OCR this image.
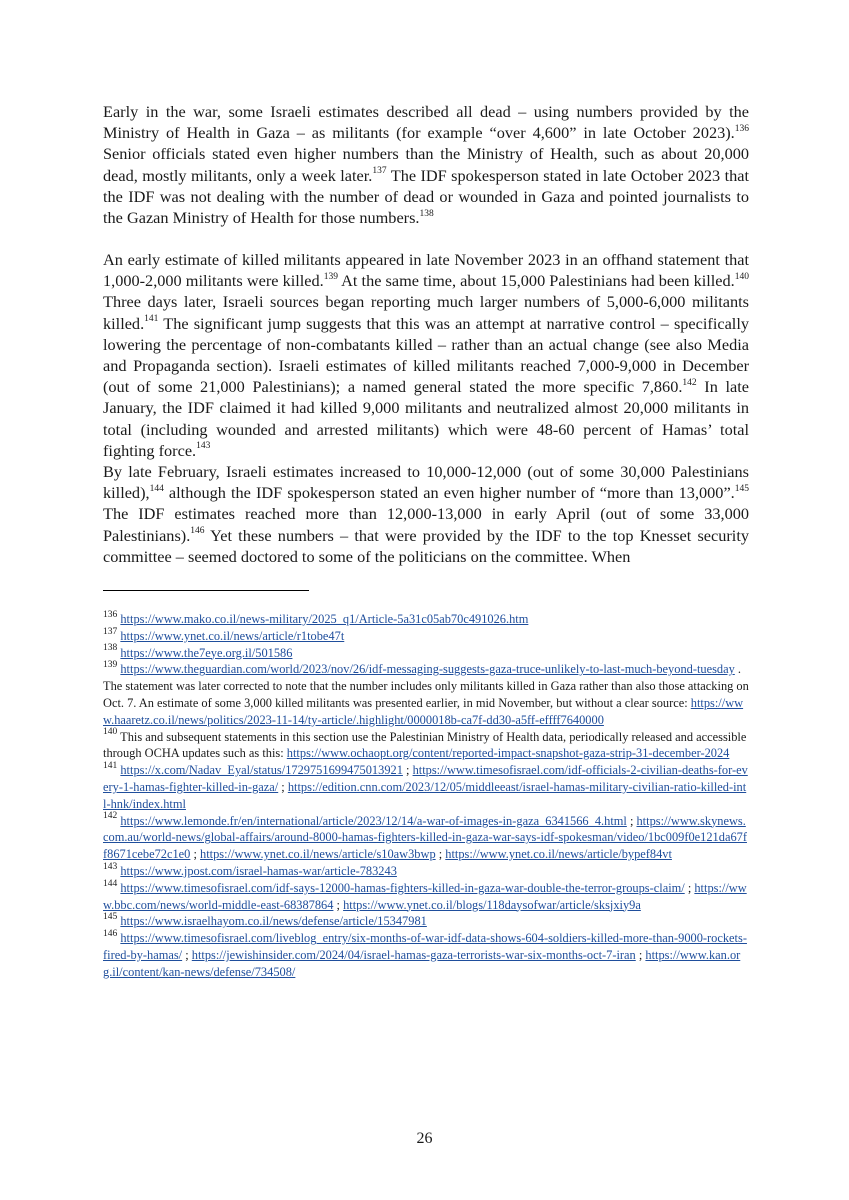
Early in the war, some Israeli estimates described all dead – using numbers provided by the Ministry of Health in Gaza – as militants (for example “over 4,600” in late October 2023).$^{136}$ Senior officials stated even higher numbers than the Ministry of Health, such as about 20,000 dead, mostly militants, only a week later.$^{137}$ The IDF spokesperson stated in late October 2023 that the IDF was not dealing with the number of dead or wounded in Gaza and pointed journalists to the Gazan Ministry of Health for those numbers.$^{138}$
An early estimate of killed militants appeared in late November 2023 in an offhand statement that 1,000-2,000 militants were killed.$^{139}$ At the same time, about 15,000 Palestinians had been killed.$^{140}$ Three days later, Israeli sources began reporting much larger numbers of 5,000-6,000 militants killed.$^{141}$ The significant jump suggests that this was an attempt at narrative control – specifically lowering the percentage of non-combatants killed – rather than an actual change (see also Media and Propaganda section). Israeli estimates of killed militants reached 7,000-9,000 in December (out of some 21,000 Palestinians); a named general stated the more specific 7,860.$^{142}$ In late January, the IDF claimed it had killed 9,000 militants and neutralized almost 20,000 militants in total (including wounded and arrested militants) which were 48-60 percent of Hamas’ total fighting force.$^{143}$
By late February, Israeli estimates increased to 10,000-12,000 (out of some 30,000 Palestinians killed),$^{144}$ although the IDF spokesperson stated an even higher number of “more than 13,000”.$^{145}$ The IDF estimates reached more than 12,000-13,000 in early April (out of some 33,000 Palestinians).$^{146}$ Yet these numbers – that were provided by the IDF to the top Knesset security committee – seemed doctored to some of the politicians on the committee. When

$^{136}$ https://www.mako.co.il/news-military/2025_q1/Article-5a31c05ab70c491026.htm

$^{137}$ https://www.ynet.co.il/news/article/r1tobe47t

$^{138}$ https://www.the7eye.org.il/501586

$^{139}$ https://www.theguardian.com/world/2023/nov/26/idf-messaging-suggests-gaza-truce-unlikely-to-last-much-beyond-tuesday . The statement was later corrected to note that the number includes only militants killed in Gaza rather than also those attacking on Oct. 7. An estimate of some 3,000 killed militants was presented earlier, in mid November, but without a clear source: https://www.haaretz.co.il/news/politics/2023-11-14/ty-article/.highlight/0000018b-ca7f-dd30-a5ff-effff7640000

$^{140}$ This and subsequent statements in this section use the Palestinian Ministry of Health data, periodically released and accessible through OCHA updates such as this: https://www.ochaopt.org/content/reported-impact-snapshot-gaza-strip-31-december-2024

$^{141}$ https://x.com/Nadav_Eyal/status/1729751699475013921 ; https://www.timesofisrael.com/idf-officials-2-civilian-deaths-for-every-1-hamas-fighter-killed-in-gaza/ ; https://edition.cnn.com/2023/12/05/middleeast/israel-hamas-military-civilian-ratio-killed-intl-hnk/index.html

$^{142}$ https://www.lemonde.fr/en/international/article/2023/12/14/a-war-of-images-in-gaza_6341566_4.html ; https://www.skynews.com.au/world-news/global-affairs/around-8000-hamas-fighters-killed-in-gaza-war-says-idf-spokesman/video/1bc009f0e121da67ff8671cebe72c1e0 ; https://www.ynet.co.il/news/article/s10aw3bwp ; https://www.ynet.co.il/news/article/bypef84vt

$^{143}$ https://www.jpost.com/israel-hamas-war/article-783243

$^{144}$ https://www.timesofisrael.com/idf-says-12000-hamas-fighters-killed-in-gaza-war-double-the-terror-groups-claim/ ; https://www.bbc.com/news/world-middle-east-68387864 ; https://www.ynet.co.il/blogs/118daysofwar/article/sksjxiy9a

$^{145}$ https://www.israelhayom.co.il/news/defense/article/15347981

$^{146}$ https://www.timesofisrael.com/liveblog_entry/six-months-of-war-idf-data-shows-604-soldiers-killed-more-than-9000-rockets-fired-by-hamas/ ; https://jewishinsider.com/2024/04/israel-hamas-gaza-terrorists-war-six-months-oct-7-iran ; https://www.kan.org.il/content/kan-news/defense/734508/

26
